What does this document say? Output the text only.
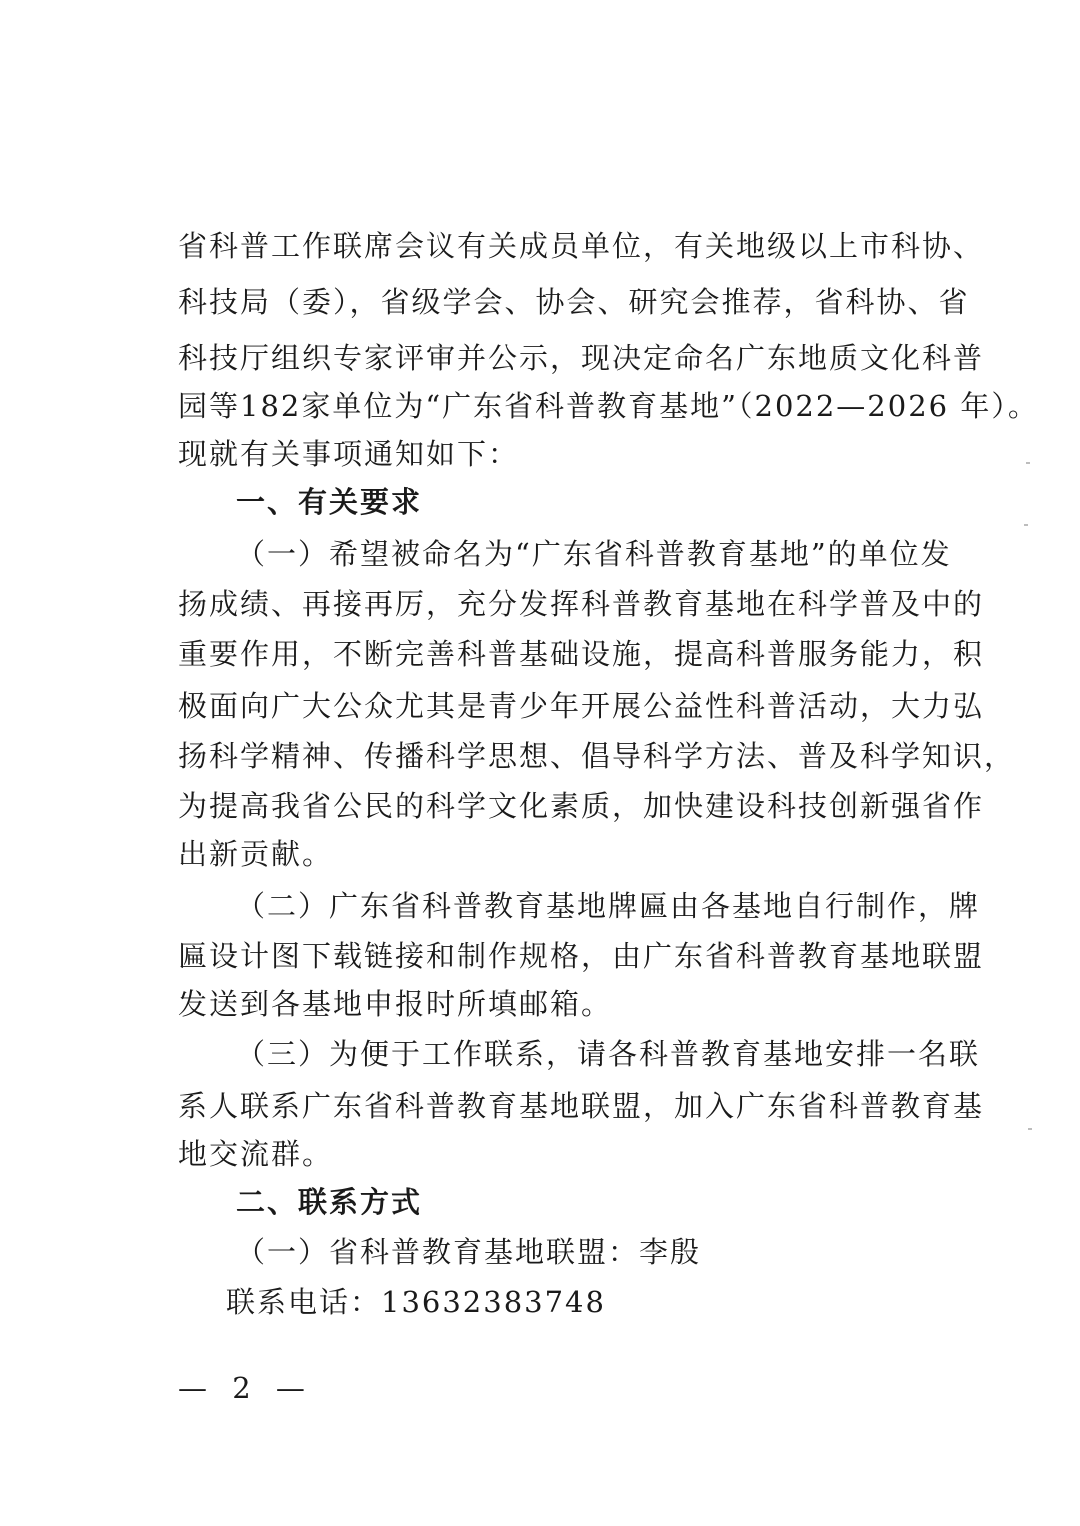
省科普工作联席会议有关成员单位，有关地级以上市科协、
科技局（委），省级学会、协会、研究会推荐，省科协、省
科技厅组织专家评审并公示，现决定命名广东地质文化科普
园等182家单位为“广东省科普教育基地”（2022—2026 年）。
现就有关事项通知如下：
一、有关要求
（一）希望被命名为“广东省科普教育基地”的单位发
扬成绩、再接再厉，充分发挥科普教育基地在科学普及中的
重要作用，不断完善科普基础设施，提高科普服务能力，积
极面向广大公众尤其是青少年开展公益性科普活动，大力弘
扬科学精神、传播科学思想、倡导科学方法、普及科学知识，
为提高我省公民的科学文化素质，加快建设科技创新强省作
出新贡献。
（二）广东省科普教育基地牌匾由各基地自行制作，牌
匾设计图下载链接和制作规格，由广东省科普教育基地联盟
发送到各基地申报时所填邮箱。
（三）为便于工作联系，请各科普教育基地安排一名联
系人联系广东省科普教育基地联盟，加入广东省科普教育基
地交流群。
二、联系方式
（一）省科普教育基地联盟：李殷
联系电话：13632383748
— 2 —
